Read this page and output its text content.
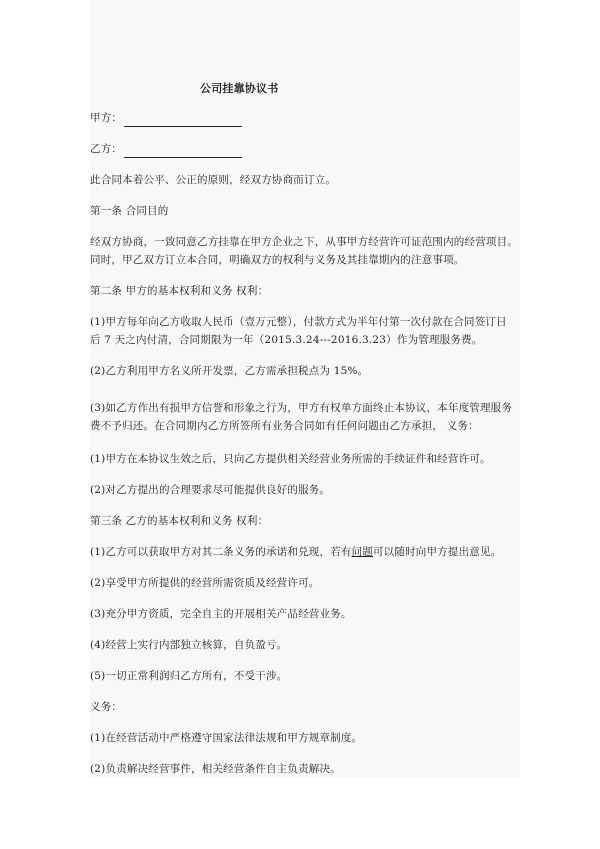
公司挂靠协议书
甲方：
乙方：
此合同本着公平、公正的原则，经双方协商而订立。
第一条 合同目的
经双方协商，一致同意乙方挂靠在甲方企业之下，从事甲方经营许可证范围内的经营项目。
同时，甲乙双方订立本合同，明确双方的权利与义务及其挂靠期内的注意事项。
第二条 甲方的基本权利和义务 权利：
(1)甲方每年向乙方收取人民币（壹万元整），付款方式为半年付第一次付款在合同签订日
后 7 天之内付清，合同期限为一年（2015.3.24---2016.3.23）作为管理服务费。
(2)乙方利用甲方名义所开发票，乙方需承担税点为 15%。
(3)如乙方作出有损甲方信誉和形象之行为，甲方有权单方面终止本协议，本年度管理服务
费不予归还。在合同期内乙方所签所有业务合同如有任何问题由乙方承担， 义务：
(1)甲方在本协议生效之后，只向乙方提供相关经营业务所需的手续证件和经营许可。
(2)对乙方提出的合理要求尽可能提供良好的服务。
第三条 乙方的基本权利和义务 权利：
(1)乙方可以获取甲方对其二条义务的承诺和兑现，若有问题可以随时向甲方提出意见。
(2)享受甲方所提供的经营所需资质及经营许可。
(3)充分甲方资质，完全自主的开展相关产品经营业务。
(4)经营上实行内部独立核算，自负盈亏。
(5)一切正常利润归乙方所有，不受干涉。
义务：
(1)在经营活动中严格遵守国家法律法规和甲方规章制度。
(2)负责解决经营事件，相关经营条件自主负责解决。
